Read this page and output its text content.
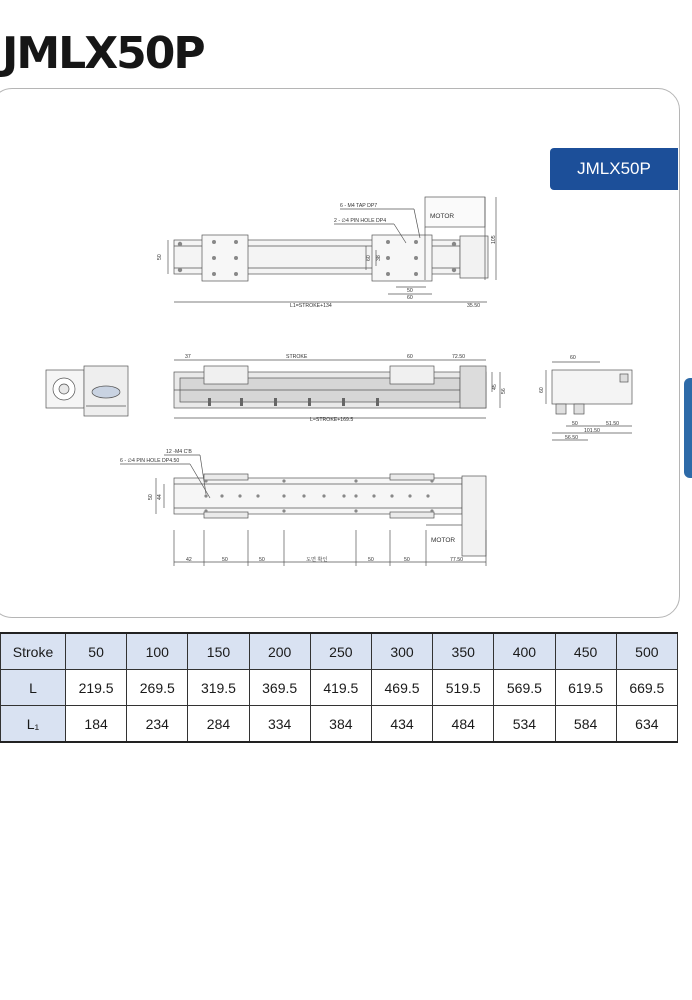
JMLX50P
JMLX50P
6 - M4 TAP DP7
2 - ∅4 PIN HOLE DP4
MOTOR
50	60 38
105
50
60
L1=STROKE+134	35.50
37	STROKE	60	72.50
45
56
L=STROKE+169.5
60
60
50	51.50
101.50
56.50
12 -M4 C'B
6 - ∅4 PIN HOLE DP4.50
50 44
MOTOR
42	50	50	도면 확인	50	50	77.50
Stroke	50	100	150	200	250	300	350	400	450	500
L	219.5	269.5	319.5	369.5	419.5	469.5	519.5	569.5	619.5	669.5
L₁	184	234	284	334	384	434	484	534	584	634
